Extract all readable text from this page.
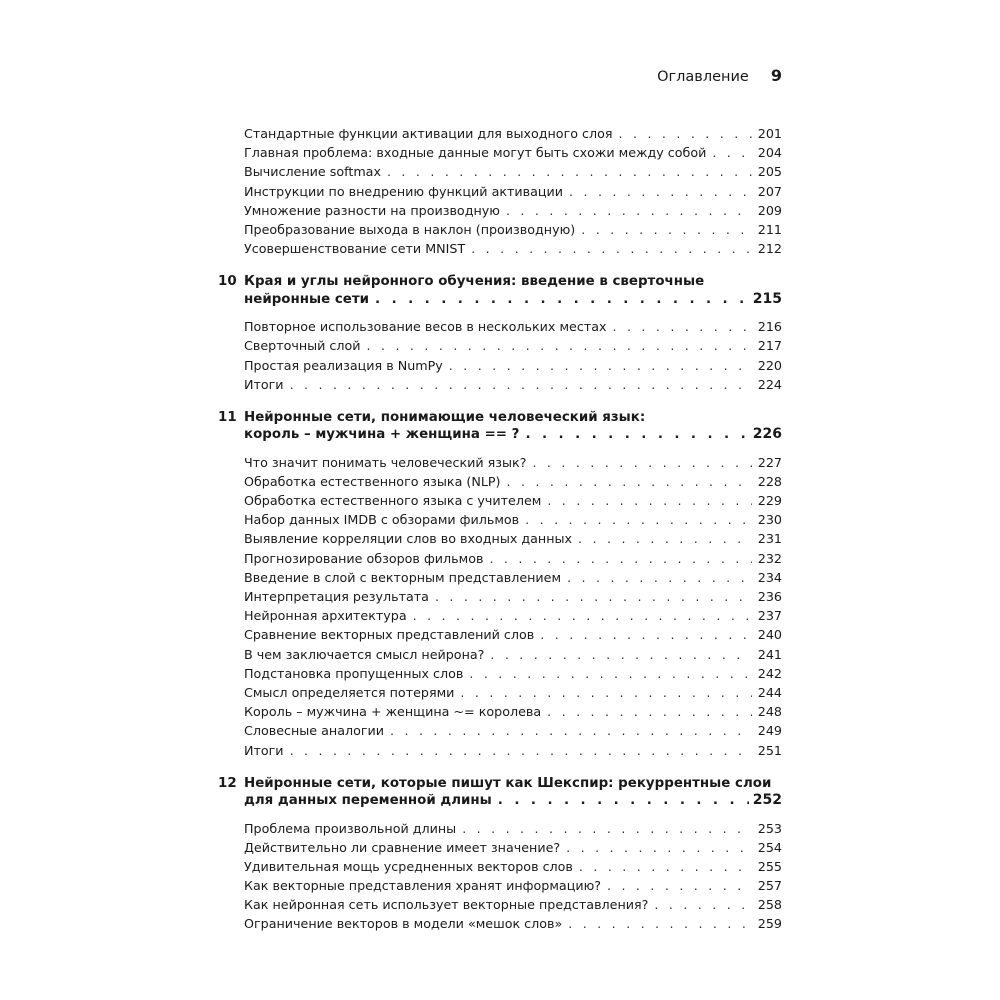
Оглавление 9
Стандартные функции активации для выходного слоя . . .	201
Главная проблема: входные данные могут быть схожи между собой . . .	204
Вычисление softmax . . .	205
Инструкции по внедрению функций активации . . .	207
Умножение разности на производную . . .	209
Преобразование выхода в наклон (производную) . . .	211
Усовершенствование сети MNIST . . .	212
10 Края и углы нейронного обучения: введение в сверточные
нейронные сети . . .	215
Повторное использование весов в нескольких местах . . .	216
Сверточный слой . . .	217
Простая реализация в NumPy . . .	220
Итоги . . .	224
11 Нейронные сети, понимающие человеческий язык:
король – мужчина + женщина == ? . . .	226
Что значит понимать человеческий язык? . . .	227
Обработка естественного языка (NLP) . . .	228
Обработка естественного языка с учителем . . .	229
Набор данных IMDB с обзорами фильмов . . .	230
Выявление корреляции слов во входных данных . . .	231
Прогнозирование обзоров фильмов . . .	232
Введение в слой с векторным представлением . . .	234
Интерпретация результата . . .	236
Нейронная архитектура . . .	237
Сравнение векторных представлений слов . . .	240
В чем заключается смысл нейрона? . . .	241
Подстановка пропущенных слов . . .	242
Смысл определяется потерями . . .	244
Король – мужчина + женщина ~= королева . . .	248
Словесные аналогии . . .	249
Итоги . . .	251
12 Нейронные сети, которые пишут как Шекспир: рекуррентные слои
для данных переменной длины . . .	252
Проблема произвольной длины . . .	253
Действительно ли сравнение имеет значение? . . .	254
Удивительная мощь усредненных векторов слов . . .	255
Как векторные представления хранят информацию? . . .	257
Как нейронная сеть использует векторные представления? . . .	258
Ограничение векторов в модели «мешок слов» . . .	259
